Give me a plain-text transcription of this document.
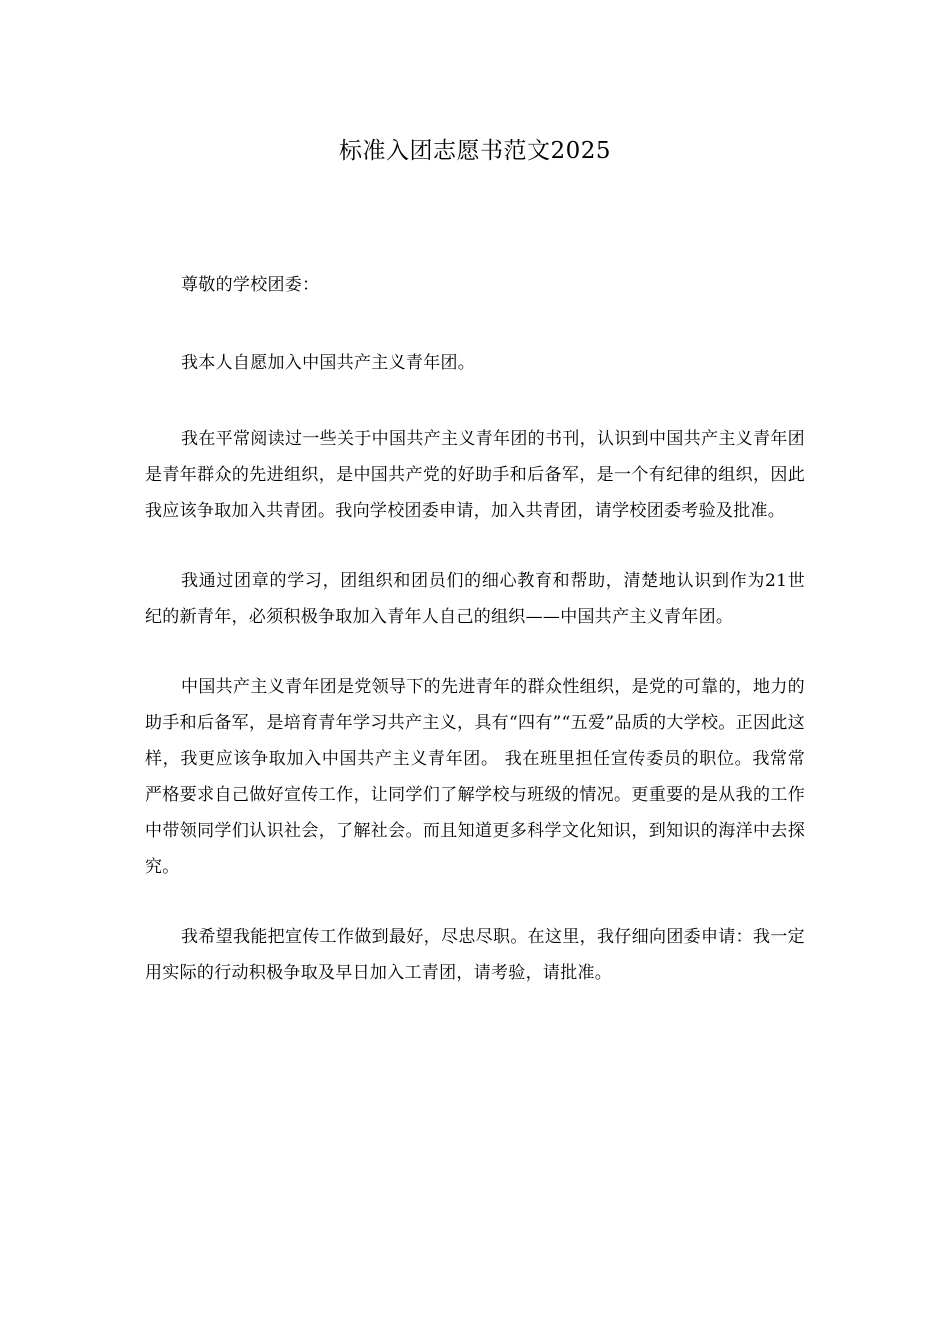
标准入团志愿书范文2025

尊敬的学校团委：

我本人自愿加入中国共产主义青年团。

我在平常阅读过一些关于中国共产主义青年团的书刊，认识到中国共产主义青年团是青年群众的先进组织，是中国共产党的好助手和后备军，是一个有纪律的组织，因此我应该争取加入共青团。我向学校团委申请，加入共青团，请学校团委考验及批准。

我通过团章的学习，团组织和团员们的细心教育和帮助，清楚地认识到作为21世纪的新青年，必须积极争取加入青年人自己的组织——中国共产主义青年团。

中国共产主义青年团是党领导下的先进青年的群众性组织，是党的可靠的，地力的助手和后备军，是培育青年学习共产主义，具有“四有”“五爱”品质的大学校。正因此这样，我更应该争取加入中国共产主义青年团。 我在班里担任宣传委员的职位。我常常严格要求自己做好宣传工作，让同学们了解学校与班级的情况。更重要的是从我的工作中带领同学们认识社会，了解社会。而且知道更多科学文化知识，到知识的海洋中去探究。

我希望我能把宣传工作做到最好，尽忠尽职。在这里，我仔细向团委申请：我一定用实际的行动积极争取及早日加入工青团，请考验，请批准。
